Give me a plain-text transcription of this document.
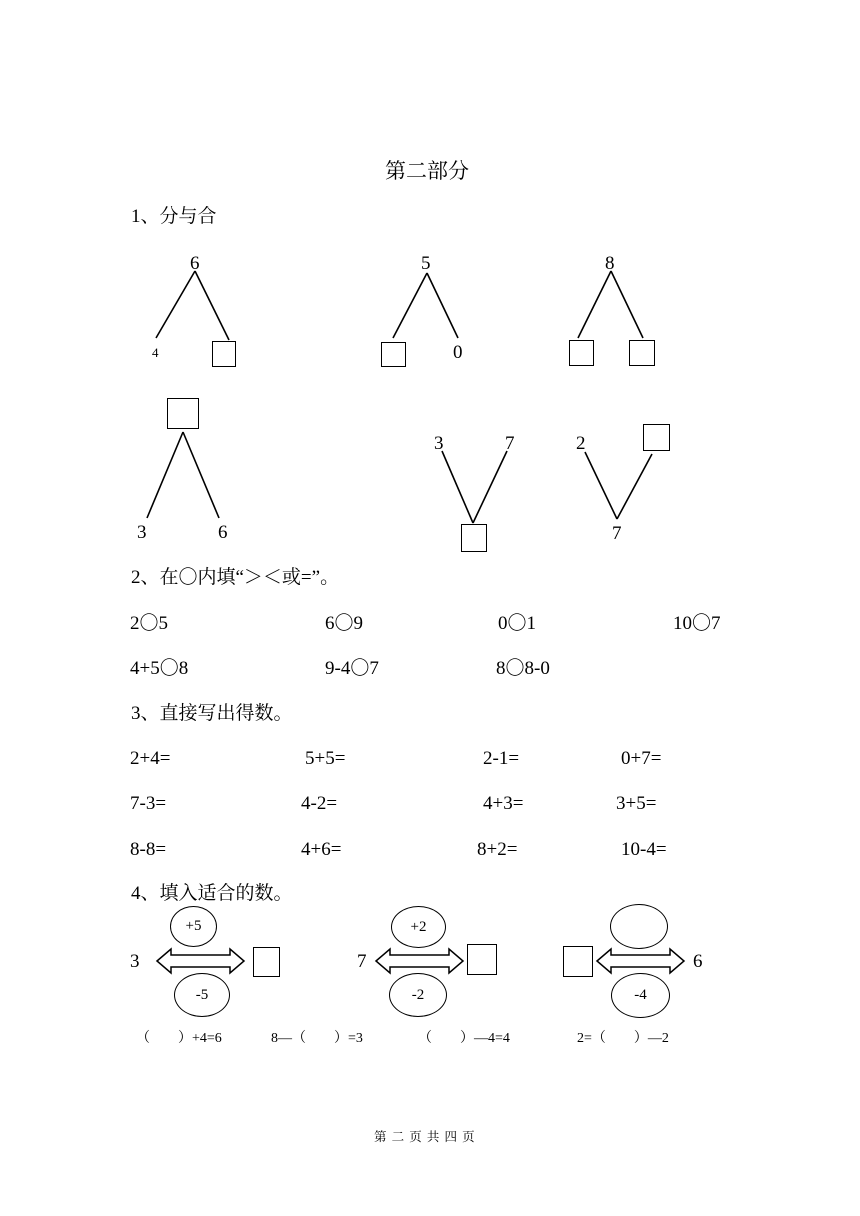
第二部分
1、分与合
6
4
5
0
8
3	6
3	7	2
7
2、在〇内填“＞＜或=”。
2〇5	6〇9	0〇1	10〇7
4+5〇8	9-4〇7	8〇8-0
3、直接写出得数。
2+4=	5+5=	2-1=	0+7=
7-3=	4-2=	4+3=	3+5=
8-8=	4+6=	8+2=	10-4=
4、填入适合的数。
+5
-5
3
+2
-2
7
-4
6
（　　）+4=6	8—（　　）=3	（　　）—4=4	2=（　　）—2
第 二 页 共 四 页
